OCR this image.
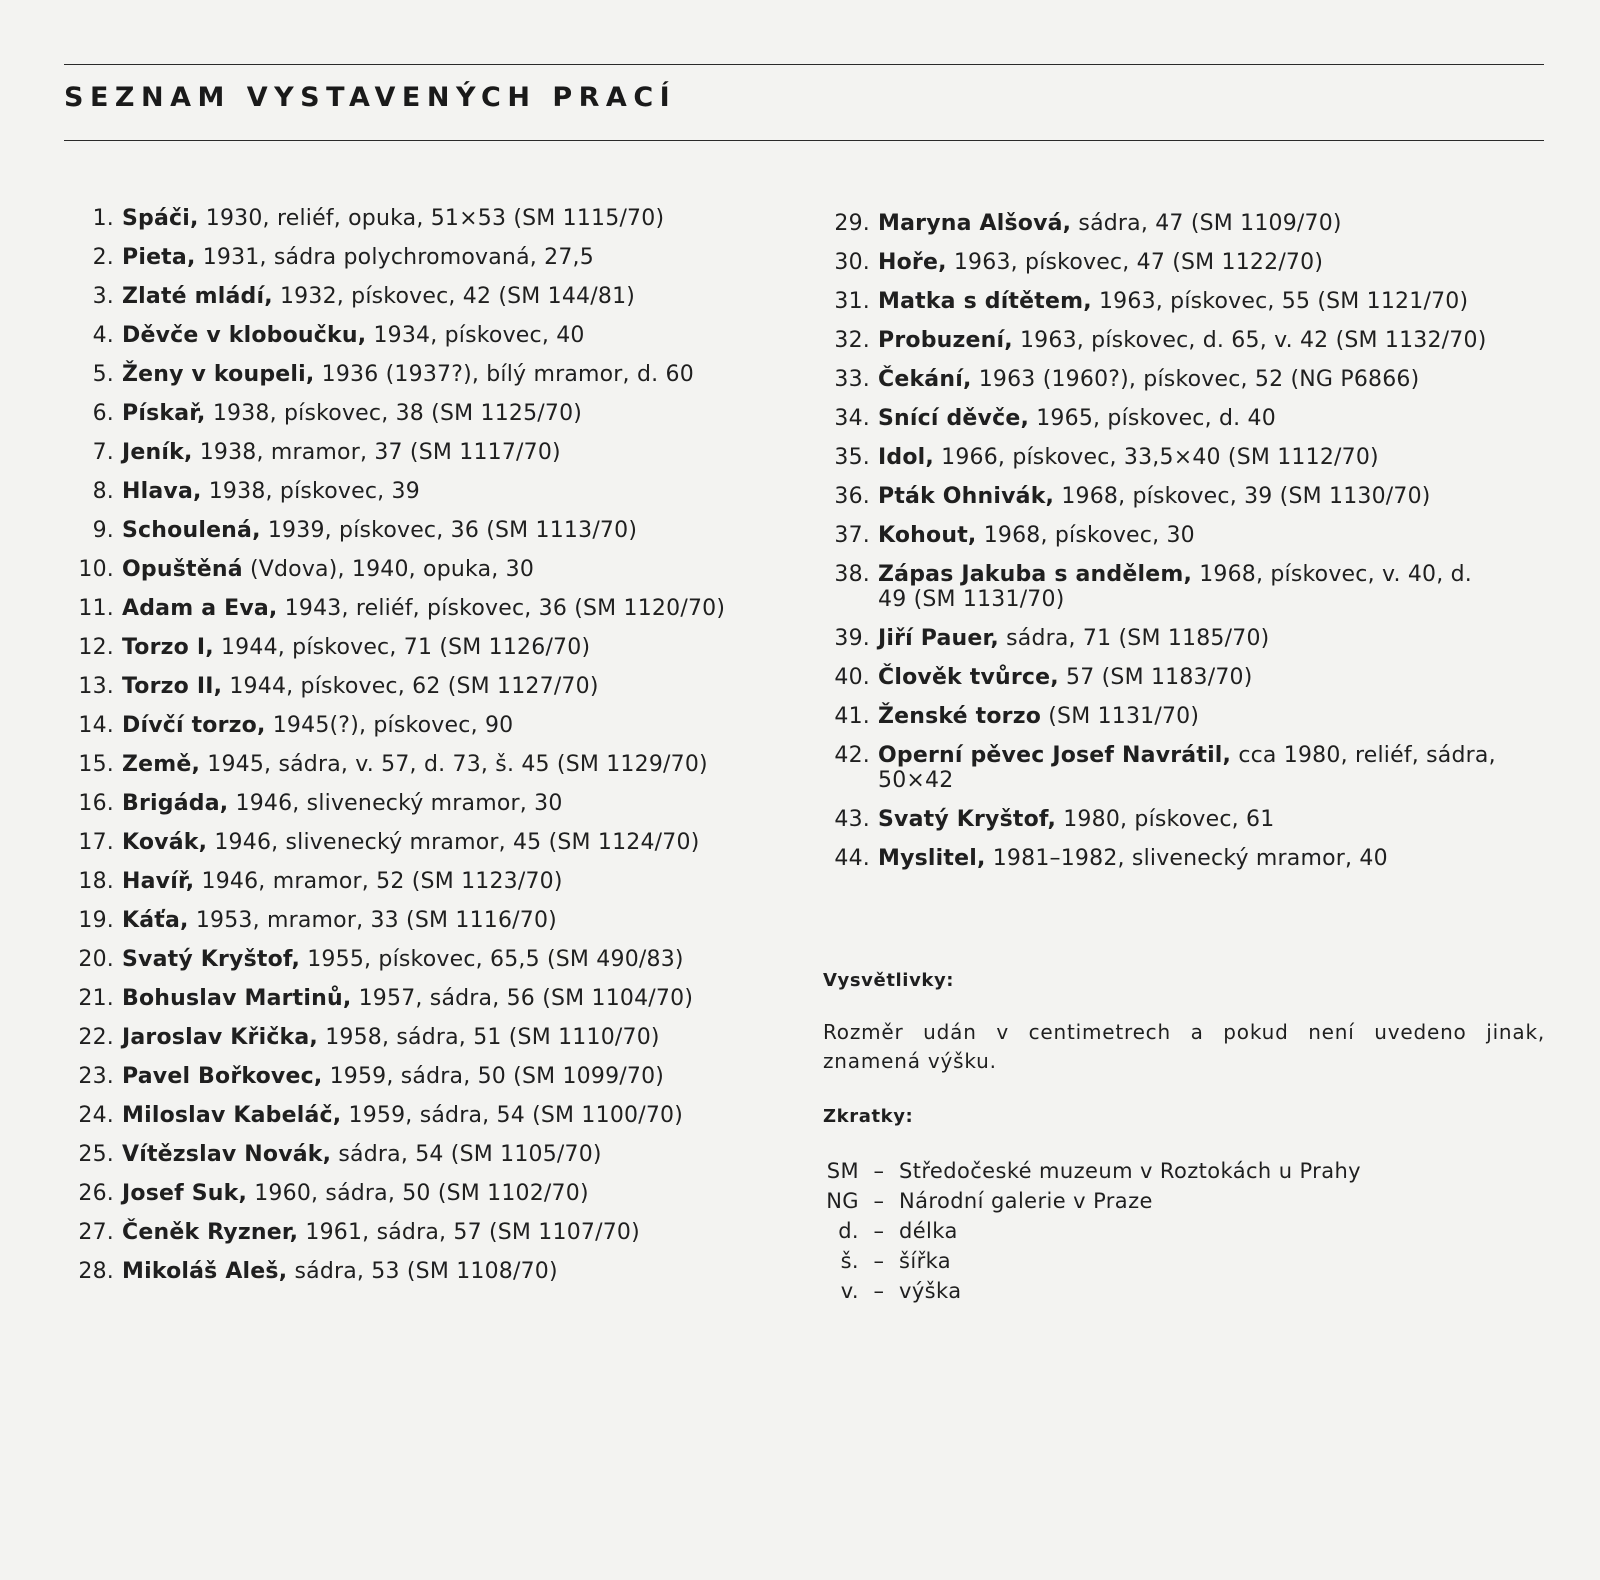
SEZNAM VYSTAVENÝCH PRACÍ
1. Spáči, 1930, reliéf, opuka, 51×53 (SM 1115/70)
2. Pieta, 1931, sádra polychromovaná, 27,5
3. Zlaté mládí, 1932, pískovec, 42 (SM 144/81)
4. Děvče v kloboučku, 1934, pískovec, 40
5. Ženy v koupeli, 1936 (1937?), bílý mramor, d. 60
6. Pískař, 1938, pískovec, 38 (SM 1125/70)
7. Jeník, 1938, mramor, 37 (SM 1117/70)
8. Hlava, 1938, pískovec, 39
9. Schoulená, 1939, pískovec, 36 (SM 1113/70)
10. Opuštěná (Vdova), 1940, opuka, 30
11. Adam a Eva, 1943, reliéf, pískovec, 36 (SM 1120/70)
12. Torzo I, 1944, pískovec, 71 (SM 1126/70)
13. Torzo II, 1944, pískovec, 62 (SM 1127/70)
14. Dívčí torzo, 1945(?), pískovec, 90
15. Země, 1945, sádra, v. 57, d. 73, š. 45 (SM 1129/70)
16. Brigáda, 1946, slivenecký mramor, 30
17. Kovák, 1946, slivenecký mramor, 45 (SM 1124/70)
18. Havíř, 1946, mramor, 52 (SM 1123/70)
19. Káťa, 1953, mramor, 33 (SM 1116/70)
20. Svatý Kryštof, 1955, pískovec, 65,5 (SM 490/83)
21. Bohuslav Martinů, 1957, sádra, 56 (SM 1104/70)
22. Jaroslav Křička, 1958, sádra, 51 (SM 1110/70)
23. Pavel Bořkovec, 1959, sádra, 50 (SM 1099/70)
24. Miloslav Kabeláč, 1959, sádra, 54 (SM 1100/70)
25. Vítězslav Novák, sádra, 54 (SM 1105/70)
26. Josef Suk, 1960, sádra, 50 (SM 1102/70)
27. Čeněk Ryzner, 1961, sádra, 57 (SM 1107/70)
28. Mikoláš Aleš, sádra, 53 (SM 1108/70)
29. Maryna Alšová, sádra, 47 (SM 1109/70)
30. Hoře, 1963, pískovec, 47 (SM 1122/70)
31. Matka s dítětem, 1963, pískovec, 55 (SM 1121/70)
32. Probuzení, 1963, pískovec, d. 65, v. 42 (SM 1132/70)
33. Čekání, 1963 (1960?), pískovec, 52 (NG P6866)
34. Snící děvče, 1965, pískovec, d. 40
35. Idol, 1966, pískovec, 33,5×40 (SM 1112/70)
36. Pták Ohnivák, 1968, pískovec, 39 (SM 1130/70)
37. Kohout, 1968, pískovec, 30
38. Zápas Jakuba s andělem, 1968, pískovec, v. 40, d. 49 (SM 1131/70)
39. Jiří Pauer, sádra, 71 (SM 1185/70)
40. Člověk tvůrce, 57 (SM 1183/70)
41. Ženské torzo (SM 1131/70)
42. Operní pěvec Josef Navrátil, cca 1980, reliéf, sádra, 50×42
43. Svatý Kryštof, 1980, pískovec, 61
44. Myslitel, 1981–1982, slivenecký mramor, 40
Vysvětlivky:
Rozměr udán v centimetrech a pokud není uvedeno jinak, znamená výšku.
Zkratky:
SM – Středočeské muzeum v Roztokách u Prahy
NG – Národní galerie v Praze
d. – délka
š. – šířka
v. – výška
